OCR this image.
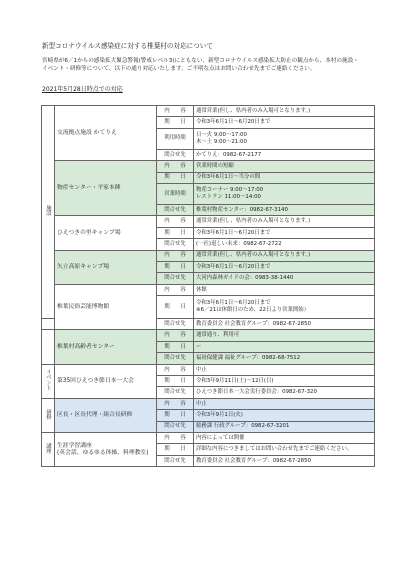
新型コロナウイルス感染症に対する椎葉村の対応について
宮崎県が6／1からの感染拡大緊急警報(警戒レベル3)にともない、新型コロナウイルス感染拡大防止の観点から、本村の施設・イベント・研修等について、以下の通り対応いたします。ご不明な点はお問い合わせ先までご連絡ください。
2021年5月28日時点での対応
施設	交流拠点施設 かてりえ	内　　容	通常営業(但し、県内者のみ入場可となります。)
		期　　日	令和3年6月1日～6月20日まで
		利用時間	日～火 9:00～17:00
木～土 9:00～21:00

		問合せ先	かてりえ：0982-67-2177
	物産センター・平家本陣	内　　容	営業時間の短縮
		期　　日	令和3年6月1日～当分の間
		営業時間	物産コーナー 9:00～17:00
レストラン 11:00～14:00

		問合せ先	椎葉村物産センター：0982-67-3140
	ひえつきの里キャンプ場	内　　容	通常営業(但し、県内者のみ入場可となります。)
		期　　日	令和3年6月1日～6月20日まで
		問合せ先	(一社)退しい未来：0982-67-2722
	矢立高原キャンプ場	内　　容	通常営業(但し、県内者のみ入場可となります。)
		期　　日	令和3年6月1日～6月20日まで
		問合せ先	大河内森林ガイドの会：0983-38-1440
	椎葉民俗芸能博物館	内　　容	休館
		期　　日	令和3年6月1日～6月20日まで
※6／21は休館日のため、22日より営業開始）

		問合せ先	教育委員会 社会教育グループ：0982-67-2850
	椎葉村高齢者センター	内　　容	通常通り、利用可
		期　　日	ー
		問合せ先	福祉保健課 福祉グループ：0982-68-7512
イベント	第35回ひえつき節日本一大会	内　　容	中止
		期　　日	令和3年9月11日(土)～12日(日)
		問合せ先	ひえつき節日本一大会実行委員会：0982-67-320
研修	区長・区長代理・組合長研修	内　　容	中止
		期　　日	令和3年9月1日(火)
		問合せ先	総務課 行政グループ：0982-67-3201
講座	生涯学習講座
(英会話、ゆるゆる体操、料理教室)	内　　容	内容によっては開催
		期　　日	詳細な内容につきましてはお問い合わせ先までご連絡ください。
		問合せ先	教育委員会 社会教育グループ：0982-67-2850
